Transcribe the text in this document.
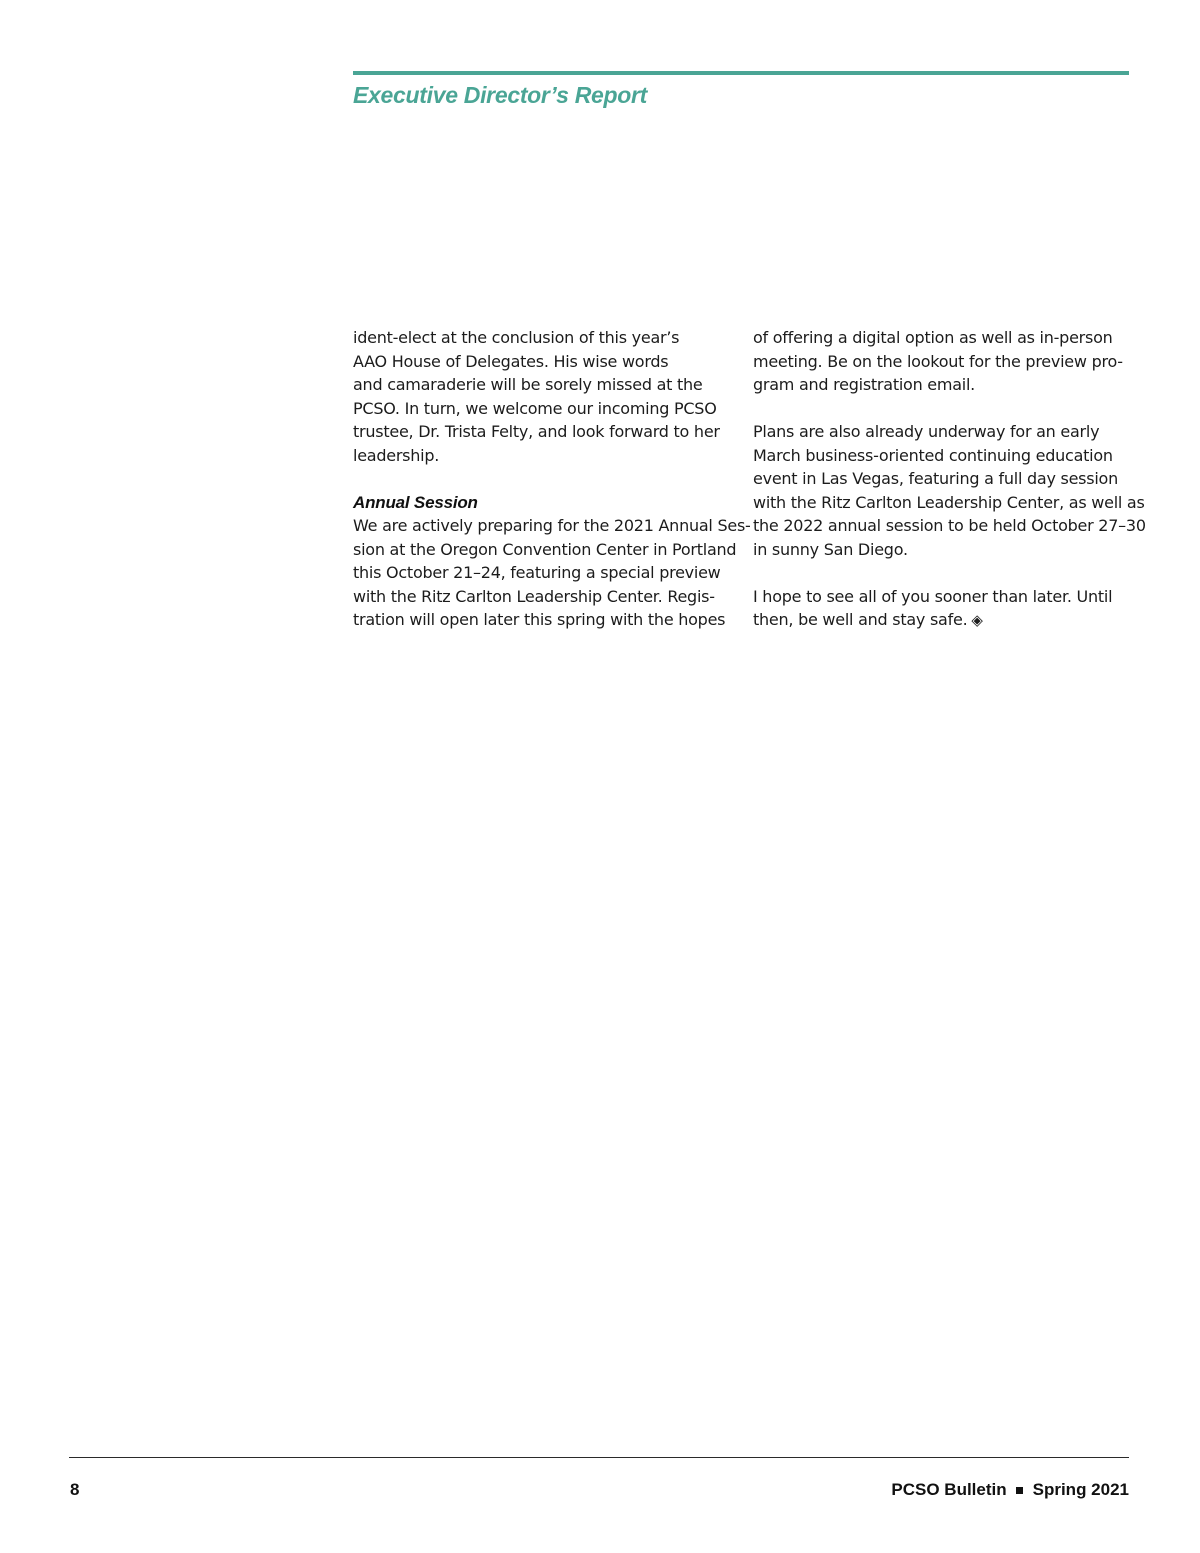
Executive Director’s Report
ident-elect at the conclusion of this year’s
AAO House of Delegates. His wise words
and camaraderie will be sorely missed at the
PCSO. In turn, we welcome our incoming PCSO
trustee, Dr. Trista Felty, and look forward to her
leadership.
Annual Session
We are actively preparing for the 2021 Annual Ses-
sion at the Oregon Convention Center in Portland
this October 21–24, featuring a special preview
with the Ritz Carlton Leadership Center. Regis-
tration will open later this spring with the hopes
of offering a digital option as well as in-person
meeting. Be on the lookout for the preview pro-
gram and registration email.
Plans are also already underway for an early
March business-oriented continuing education
event in Las Vegas, featuring a full day session
with the Ritz Carlton Leadership Center, as well as
the 2022 annual session to be held October 27–30
in sunny San Diego.
I hope to see all of you sooner than later. Until
then, be well and stay safe. ◈
8	PCSO Bulletin Spring 2021
